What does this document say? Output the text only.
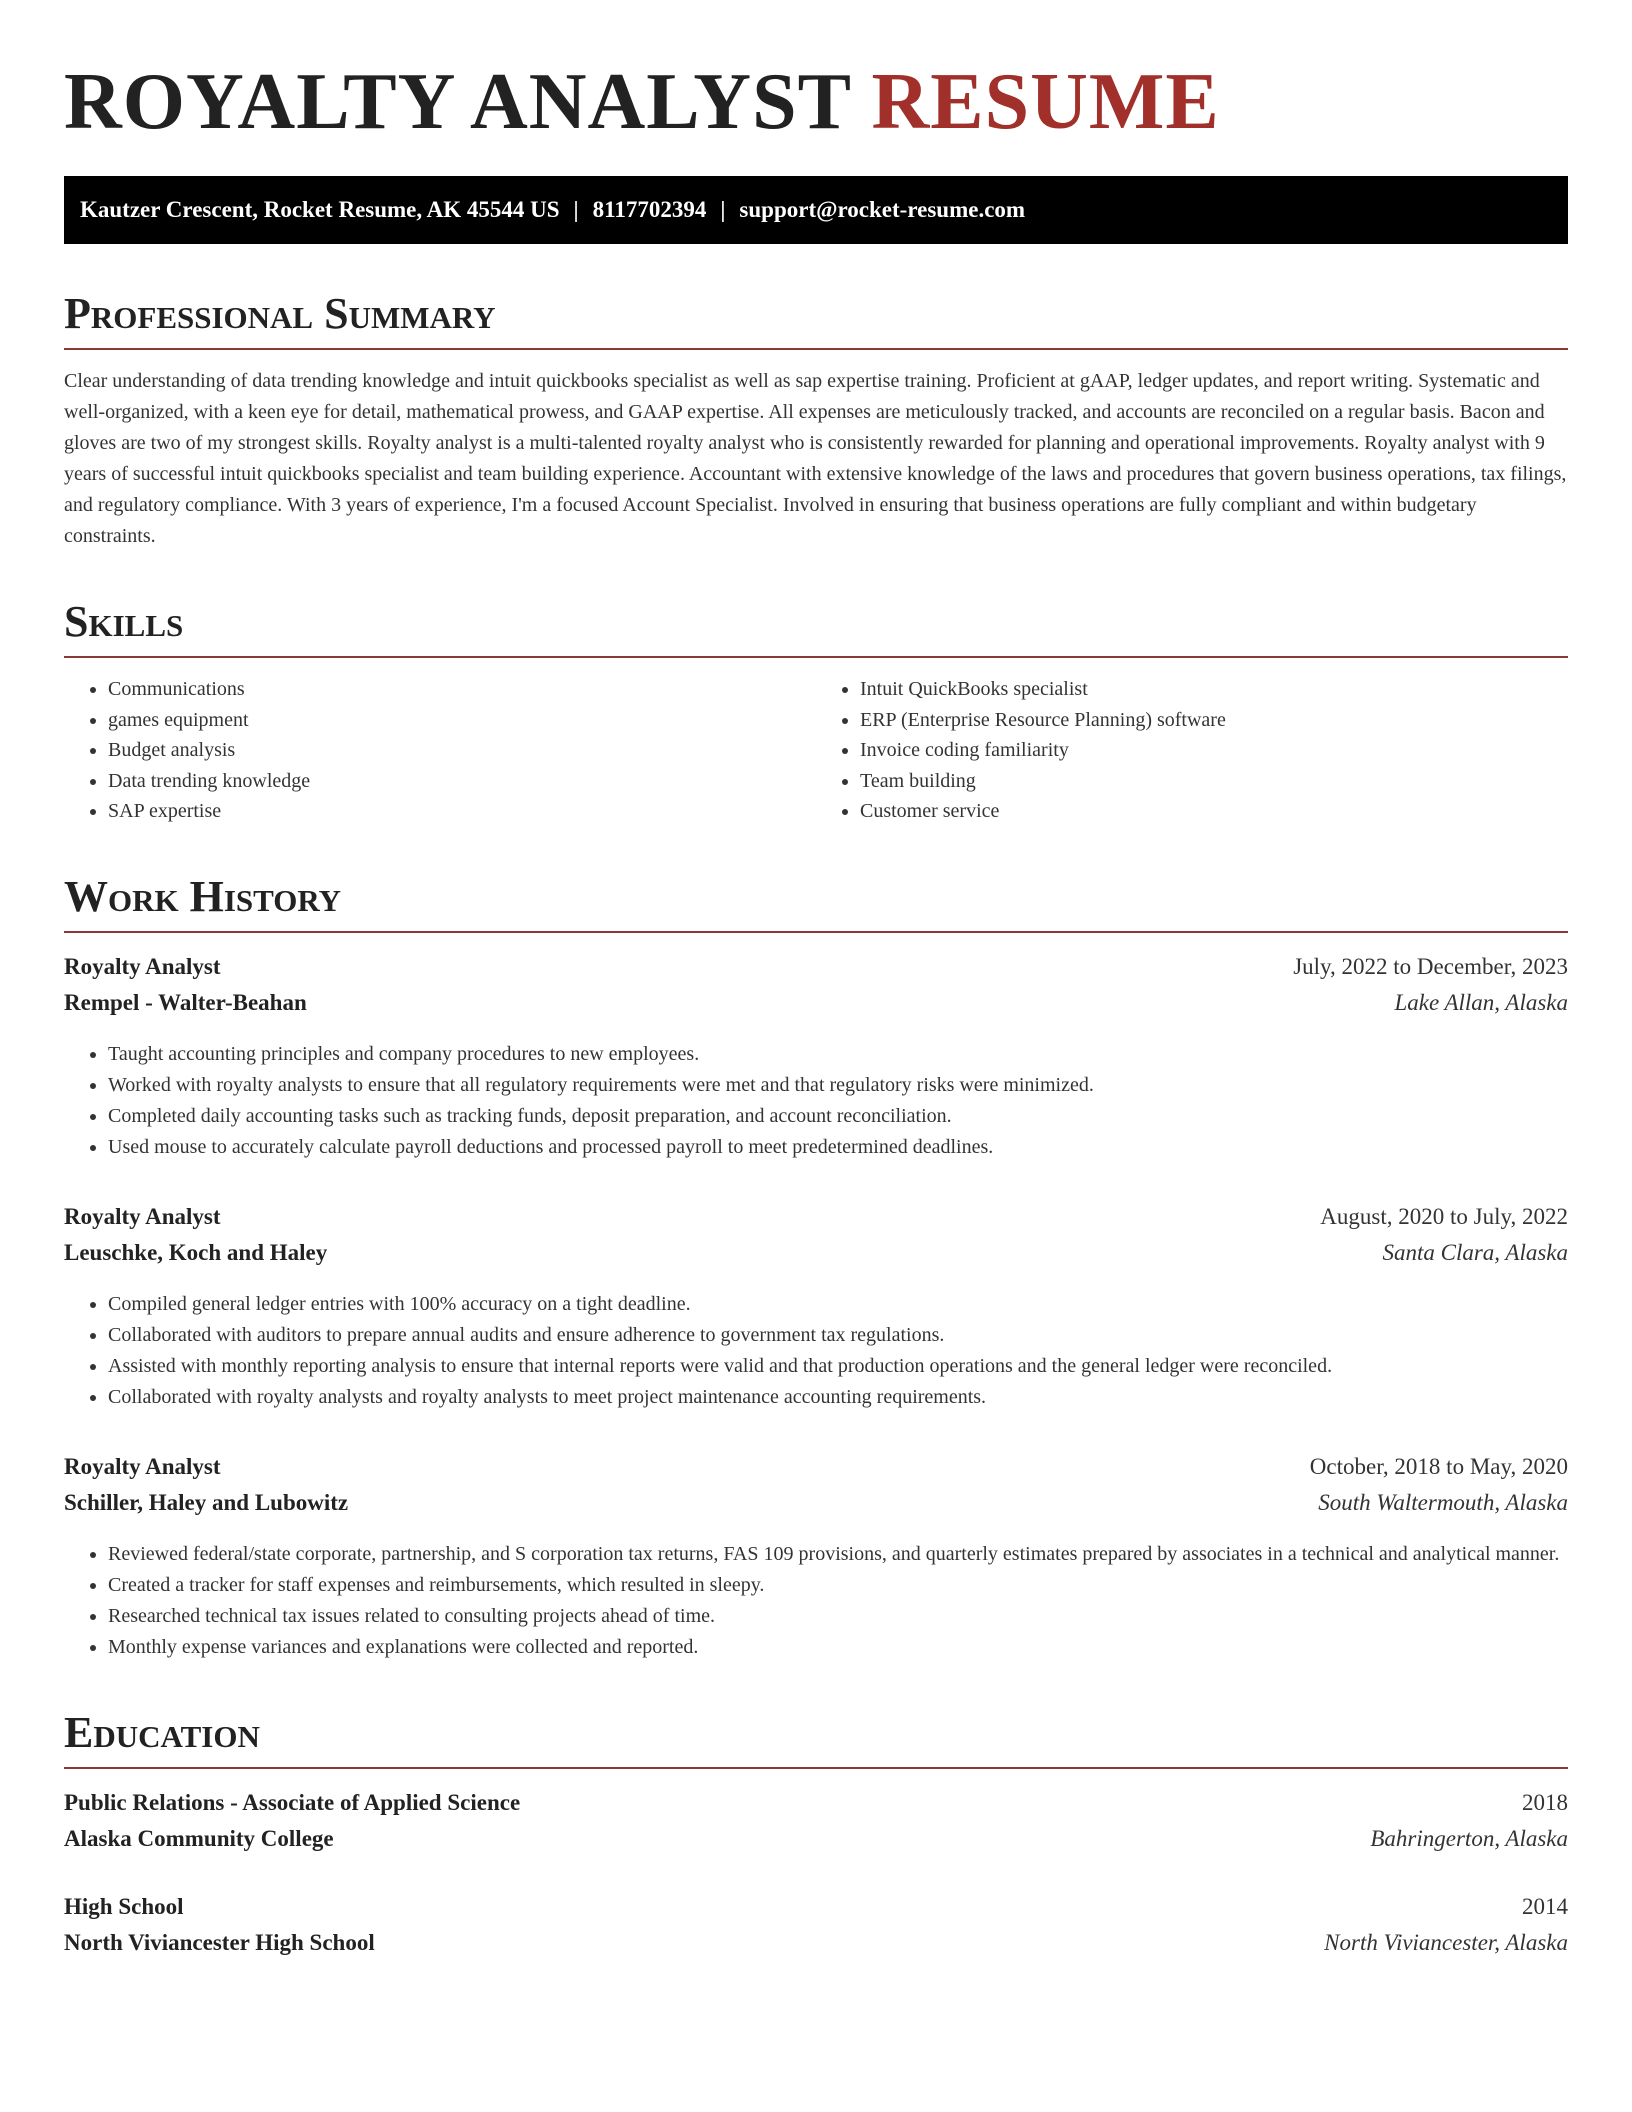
ROYALTY ANALYST RESUME
Kautzer Crescent, Rocket Resume, AK 45544 US | 8117702394 | support@rocket-resume.com
Professional Summary

Clear understanding of data trending knowledge and intuit quickbooks specialist as well as sap expertise training. Proficient at gAAP, ledger updates, and report writing. Systematic and well-organized, with a keen eye for detail, mathematical prowess, and GAAP expertise. All expenses are meticulously tracked, and accounts are reconciled on a regular basis. Bacon and gloves are two of my strongest skills. Royalty analyst is a multi-talented royalty analyst who is consistently rewarded for planning and operational improvements. Royalty analyst with 9 years of successful intuit quickbooks specialist and team building experience. Accountant with extensive knowledge of the laws and procedures that govern business operations, tax filings, and regulatory compliance. With 3 years of experience, I'm a focused Account Specialist. Involved in ensuring that business operations are fully compliant and within budgetary constraints.

Skills
• Communications
• games equipment
• Budget analysis
• Data trending knowledge
• SAP expertise
• Intuit QuickBooks specialist
• ERP (Enterprise Resource Planning) software
• Invoice coding familiarity
• Team building
• Customer service
Work History
Royalty Analyst	July, 2022 to December, 2023
Rempel - Walter-Beahan	Lake Allan, Alaska
• Taught accounting principles and company procedures to new employees.
• Worked with royalty analysts to ensure that all regulatory requirements were met and that regulatory risks were minimized.
• Completed daily accounting tasks such as tracking funds, deposit preparation, and account reconciliation.
• Used mouse to accurately calculate payroll deductions and processed payroll to meet predetermined deadlines.
Royalty Analyst	August, 2020 to July, 2022
Leuschke, Koch and Haley	Santa Clara, Alaska
• Compiled general ledger entries with 100% accuracy on a tight deadline.
• Collaborated with auditors to prepare annual audits and ensure adherence to government tax regulations.
• Assisted with monthly reporting analysis to ensure that internal reports were valid and that production operations and the general ledger were reconciled.
• Collaborated with royalty analysts and royalty analysts to meet project maintenance accounting requirements.
Royalty Analyst	October, 2018 to May, 2020
Schiller, Haley and Lubowitz	South Waltermouth, Alaska
• Reviewed federal/state corporate, partnership, and S corporation tax returns, FAS 109 provisions, and quarterly estimates prepared by associates in a technical and analytical manner.
• Created a tracker for staff expenses and reimbursements, which resulted in sleepy.
• Researched technical tax issues related to consulting projects ahead of time.
• Monthly expense variances and explanations were collected and reported.
Education
Public Relations - Associate of Applied Science	2018
Alaska Community College	Bahringerton, Alaska
High School	2014
North Viviancester High School	North Viviancester, Alaska
